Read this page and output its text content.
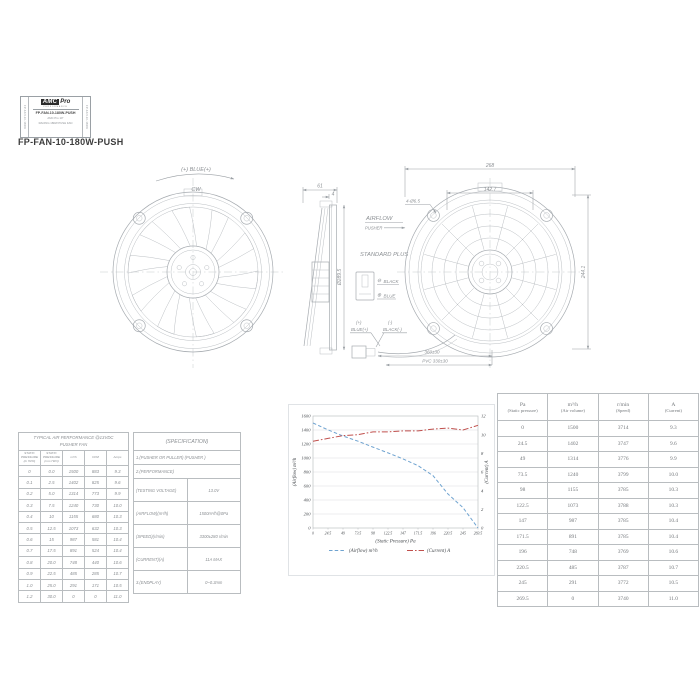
FP-FAN-10-180W
AMC Pro
PERFORMANCE
FP-FAN-10-180W-PUSH
AMC Pro 10"
RACING 180W PUSH FAN	FP-FAN-10-180W
FP-FAN-10-180W-PUSH
(+) BLUE(+)
CW
61
4
Ø289.5
AIRFLOW
PUSHER
STANDARD PLUS
⊖ BLACK
⊕ BLUE
268
142.7
4-Ø6.5
244.1
(+)
BLUE(+)
(-)
BLACK(-)
360±30
PVC 330±30
TYPICAL AIR PERFORMANCE @13VDC
PUSHER FAN				

STATIC PRESSURE (in H2O)	STATIC PRESSURE (mm H2O)	m³/h	CFM	Amps
0	0.0	1500	883	9.3
0.1	2.5	1402	825	9.6
0.2	5.0	1314	773	9.9
0.3	7.5	1240	730	10.0
0.4	10	1155	680	10.3
0.5	12.5	1073	632	10.3
0.6	15	987	581	10.4
0.7	17.5	891	524	10.4
0.8	20.0	748	440	10.6
0.9	22.5	485	285	10.7
1.0	25.0	291	171	10.5
1.2	30.0	0	0	11.0
(SPECIFICATION)	
1.(PUSHER OR PULLER) (PUSHER )	
2.(PERFORMANCE)	
(TESTING VOLTAGE)	13.0V
(AIRFLOW)(m³/h)	1500m³/h@0Pa
(SPEED)(r/min)	3300±280 r/min
(CURRENT)(A)	11A MAX
3.(ENDPLAY)	0~0.3mm
0
200
400
600
800
1000
1200
1400
1600
0
2
4
6
8
10
12
0	24.5	49	73.5	98 122.5 147 171.5 196 220.5 245 269.5
(Airflow) m³/h	(Current) A
(Static Pressure) Pa
(Airflow) m³/h	(Current) A
Pa
(Static pressure)

m³/h
(Air volume)

r/min
(Speed)

A
(Current)

0	1500	3714	9.3
24.5	1402	3747	9.6
49	1314	3776	9.9
73.5	1240	3799	10.0
98	1155	3785	10.3
122.5	1073	3788	10.3
147	987	3785	10.4
171.5	891	3785	10.4
196	748	3769	10.6
220.5	485	3787	10.7
245	291	3772	10.5
269.5	0	3740	11.0
